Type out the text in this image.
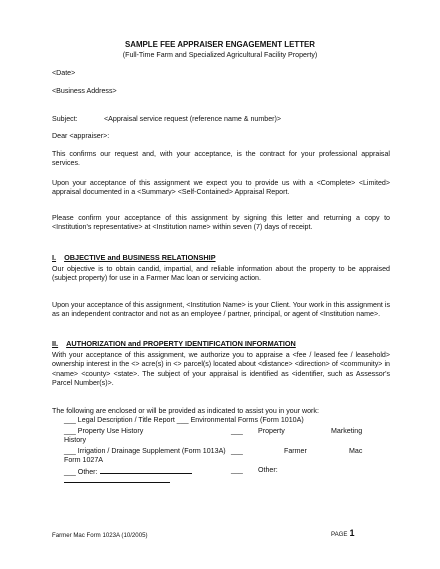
SAMPLE FEE APPRAISER ENGAGEMENT LETTER

(Full-Time Farm and Specialized Agricultural Facility Property)

<Date>

<Business Address>

Subject:	<Appraisal service request (reference name & number)>

Dear <appraiser>:

This confirms our request and, with your acceptance, is the contract for your professional appraisal services.

Upon your acceptance of this assignment we expect you to provide us with a <Complete> <Limited> appraisal documented in a <Summary> <Self-Contained> Appraisal Report.

Please confirm your acceptance of this assignment by signing this letter and returning a copy to <Institution's representative> at <Institution name> within seven (7) days of receipt.

I. OBJECTIVE and BUSINESS RELATIONSHIP

Our objective is to obtain candid, impartial, and reliable information about the property to be appraised (subject property) for use in a Farmer Mac loan or servicing action.

Upon your acceptance of this assignment, <Institution Name> is your Client. Your work in this assignment is as an independent contractor and not as an employee / partner, principal, or agent of <Institution name>.

II. AUTHORIZATION and PROPERTY IDENTIFICATION INFORMATION

With your acceptance of this assignment, we authorize you to appraise a <fee / leased fee / leasehold> ownership interest in the <> acre(s) in <> parcel(s) located about <distance> <direction> of <community> in <name> <county> <state>. The subject of your appraisal is identified as <identifier, such as Assessor's Parcel Number(s)>.

The following are enclosed or will be provided as indicated to assist you in your work:

___ Legal Description / Title Report ___ Environmental Forms (Form 1010A)
___ Property Use History	___ Property	Marketing
History
___ Irrigation / Drainage Supplement (Form 1013A) ___	Farmer	Mac
Form 1027A
___ Other:	___ Other:

Farmer Mac Form 1023A (10/2005)	PAGE 1
